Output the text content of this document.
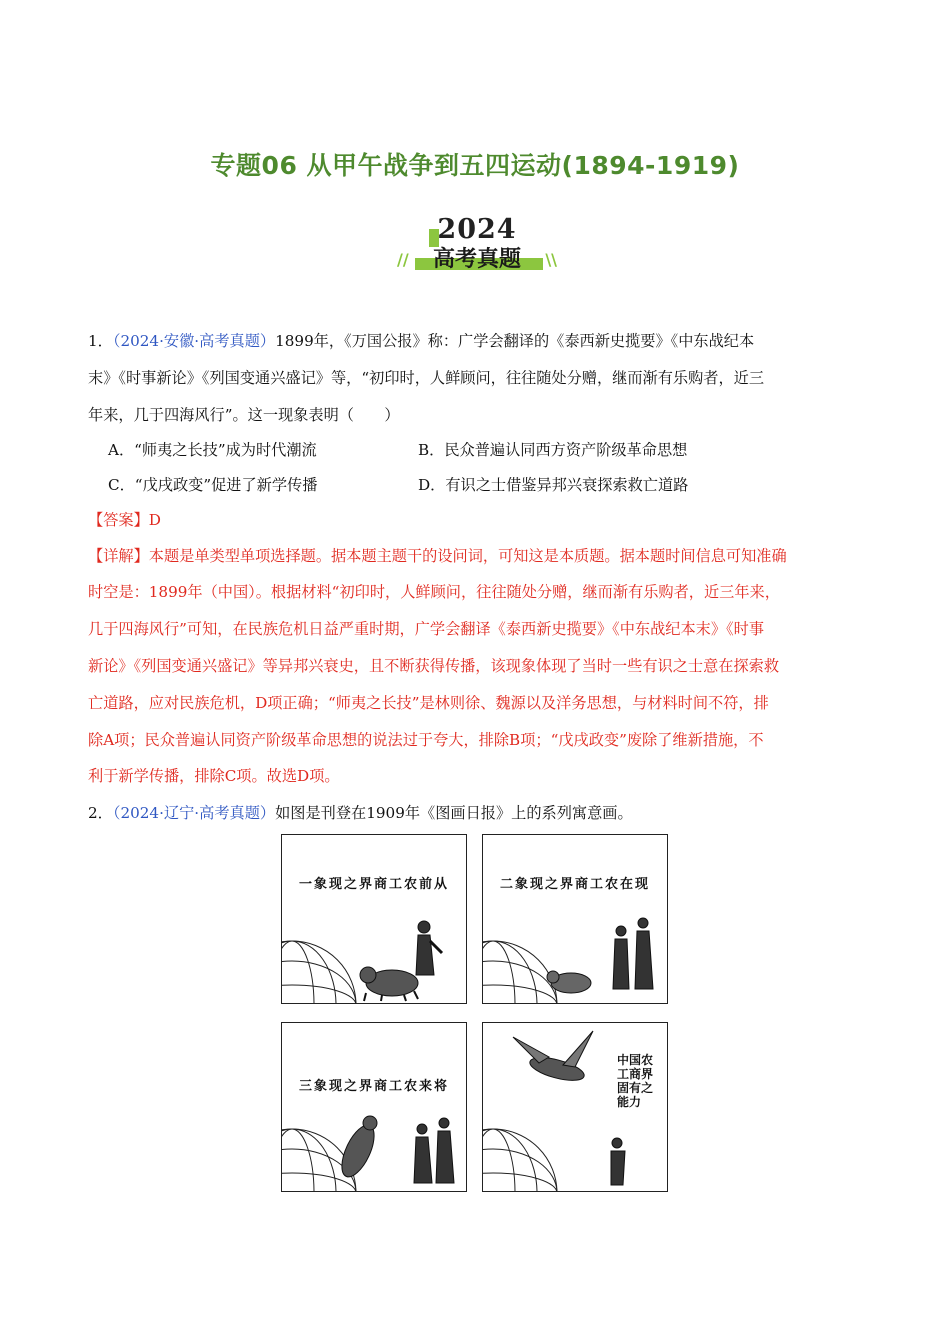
专题06 从甲午战争到五四运动(1894-1919)
2024
//	高考真题	\\
1．（2024·安徽·高考真题）1899年，《万国公报》称：广学会翻译的《泰西新史揽要》《中东战纪本
末》《时事新论》《列国变通兴盛记》等，“初印时，人鲜顾问，往往随处分赠，继而渐有乐购者，近三
年来，几于四海风行”。这一现象表明（　　）
A．“师夷之长技”成为时代潮流	B．民众普遍认同西方资产阶级革命思想
C．“戊戌政变”促进了新学传播	D．有识之士借鉴异邦兴衰探索救亡道路
【答案】D
【详解】本题是单类型单项选择题。据本题主题干的设问词，可知这是本质题。据本题时间信息可知准确
时空是：1899年（中国）。根据材料“初印时，人鲜顾问，往往随处分赠，继而渐有乐购者，近三年来，
几于四海风行”可知，在民族危机日益严重时期，广学会翻译《泰西新史揽要》《中东战纪本末》《时事
新论》《列国变通兴盛记》等异邦兴衰史，且不断获得传播，该现象体现了当时一些有识之士意在探索救
亡道路，应对民族危机，D项正确；“师夷之长技”是林则徐、魏源以及洋务思想，与材料时间不符，排
除A项；民众普遍认同资产阶级革命思想的说法过于夸大，排除B项；“戊戌政变”废除了维新措施，不
利于新学传播，排除C项。故选D项。
2．（2024·辽宁·高考真题）如图是刊登在1909年《图画日报》上的系列寓意画。
一象现之界商工农前从	二象现之界商工农在现
三象现之界商工农来将
中国农工商界固有之能力
